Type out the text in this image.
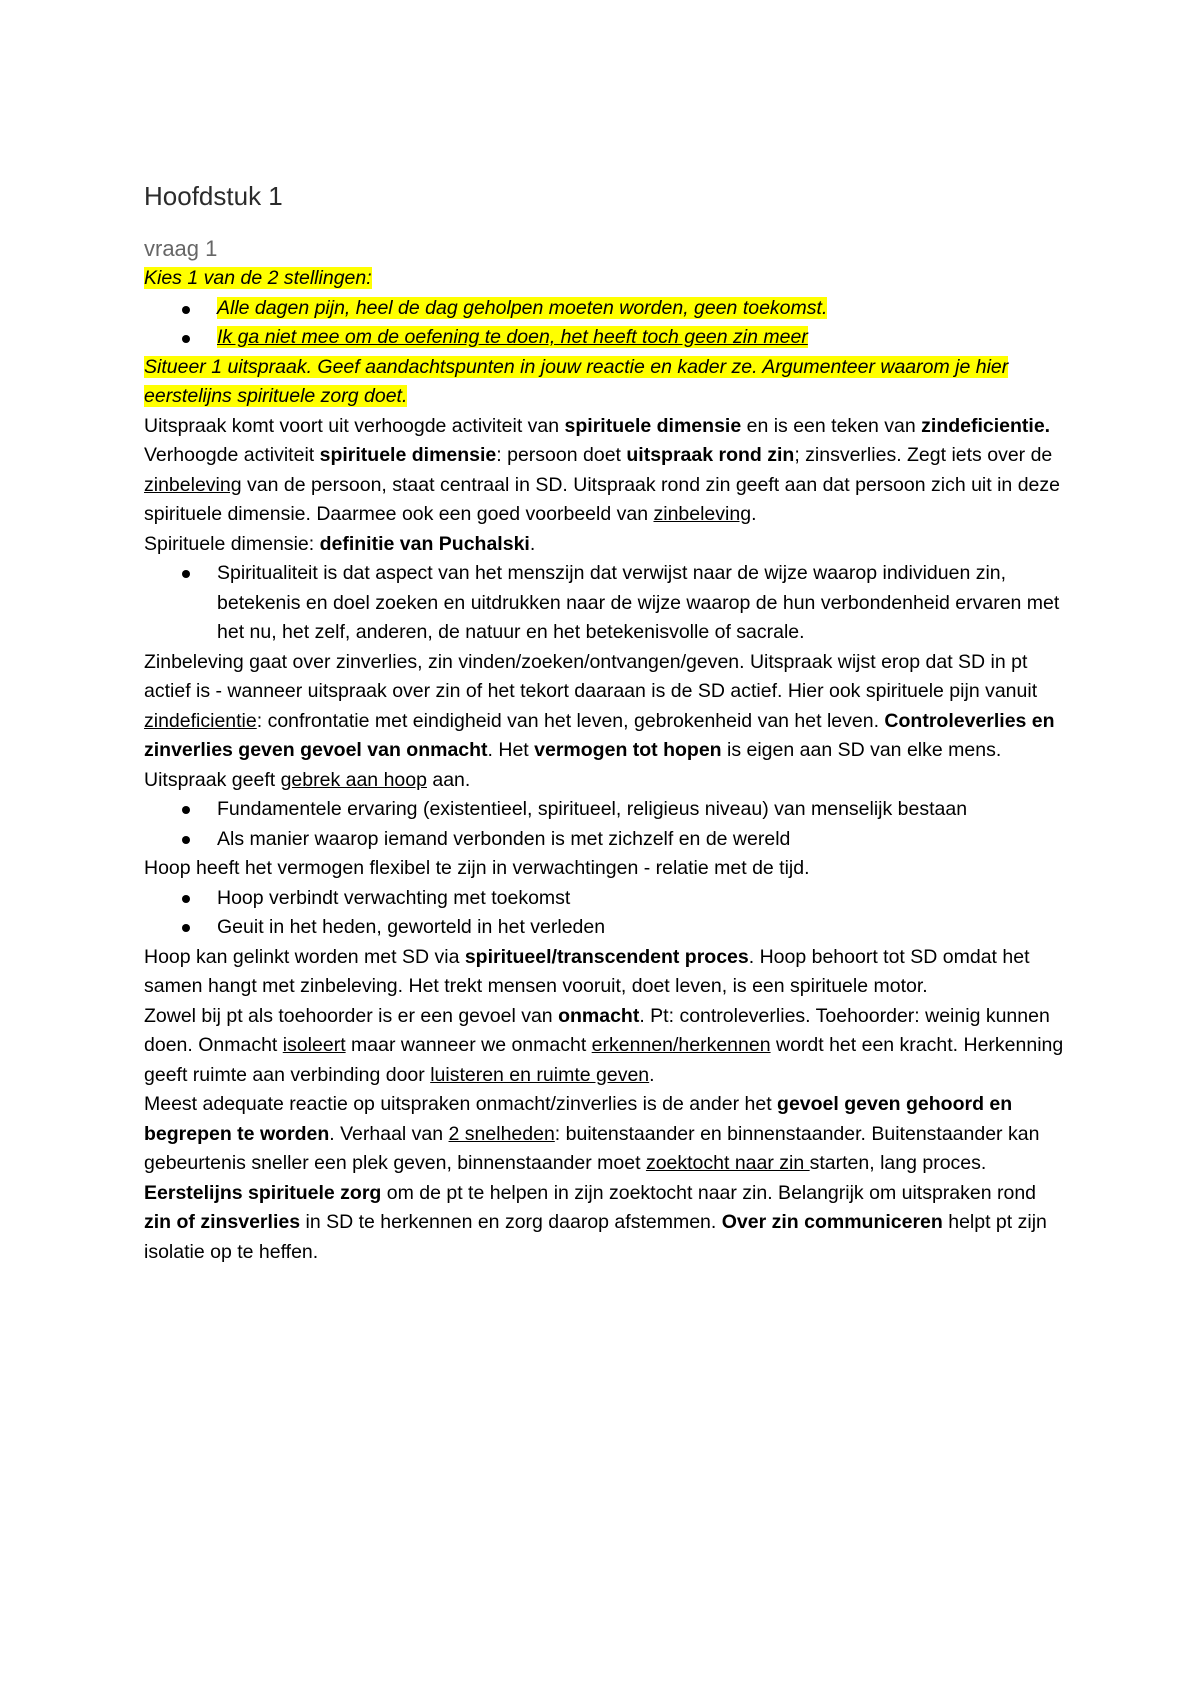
Hoofdstuk 1
vraag 1

Kies 1 van de 2 stellingen:

Alle dagen pijn, heel de dag geholpen moeten worden, geen toekomst.
Ik ga niet mee om de oefening te doen, het heeft toch geen zin meer

Situeer 1 uitspraak. Geef aandachtspunten in jouw reactie en kader ze. Argumenteer waarom je hier eerstelijns spirituele zorg doet.

Uitspraak komt voort uit verhoogde activiteit van spirituele dimensie en is een teken van zindeficientie.

Verhoogde activiteit spirituele dimensie: persoon doet uitspraak rond zin; zinsverlies. Zegt iets over de zinbeleving van de persoon, staat centraal in SD. Uitspraak rond zin geeft aan dat persoon zich uit in deze spirituele dimensie. Daarmee ook een goed voorbeeld van zinbeleving.

Spirituele dimensie: definitie van Puchalski.

Spiritualiteit is dat aspect van het menszijn dat verwijst naar de wijze waarop individuen zin, betekenis en doel zoeken en uitdrukken naar de wijze waarop de hun verbondenheid ervaren met het nu, het zelf, anderen, de natuur en het betekenisvolle of sacrale.

Zinbeleving gaat over zinverlies, zin vinden/zoeken/ontvangen/geven. Uitspraak wijst erop dat SD in pt actief is - wanneer uitspraak over zin of het tekort daaraan is de SD actief. Hier ook spirituele pijn vanuit zindeficientie: confrontatie met eindigheid van het leven, gebrokenheid van het leven. Controleverlies en zinverlies geven gevoel van onmacht. Het vermogen tot hopen is eigen aan SD van elke mens. Uitspraak geeft gebrek aan hoop aan.

Fundamentele ervaring (existentieel, spiritueel, religieus niveau) van menselijk bestaan
Als manier waarop iemand verbonden is met zichzelf en de wereld

Hoop heeft het vermogen flexibel te zijn in verwachtingen - relatie met de tijd.

Hoop verbindt verwachting met toekomst
Geuit in het heden, geworteld in het verleden

Hoop kan gelinkt worden met SD via spiritueel/transcendent proces. Hoop behoort tot SD omdat het samen hangt met zinbeleving. Het trekt mensen vooruit, doet leven, is een spirituele motor.

Zowel bij pt als toehoorder is er een gevoel van onmacht. Pt: controleverlies. Toehoorder: weinig kunnen doen. Onmacht isoleert maar wanneer we onmacht erkennen/herkennen wordt het een kracht. Herkenning geeft ruimte aan verbinding door luisteren en ruimte geven.

Meest adequate reactie op uitspraken onmacht/zinverlies is de ander het gevoel geven gehoord en begrepen te worden. Verhaal van 2 snelheden: buitenstaander en binnenstaander. Buitenstaander kan gebeurtenis sneller een plek geven, binnenstaander moet zoektocht naar zin starten, lang proces.

Eerstelijns spirituele zorg om de pt te helpen in zijn zoektocht naar zin. Belangrijk om uitspraken rond zin of zinsverlies in SD te herkennen en zorg daarop afstemmen. Over zin communiceren helpt pt zijn isolatie op te heffen.
